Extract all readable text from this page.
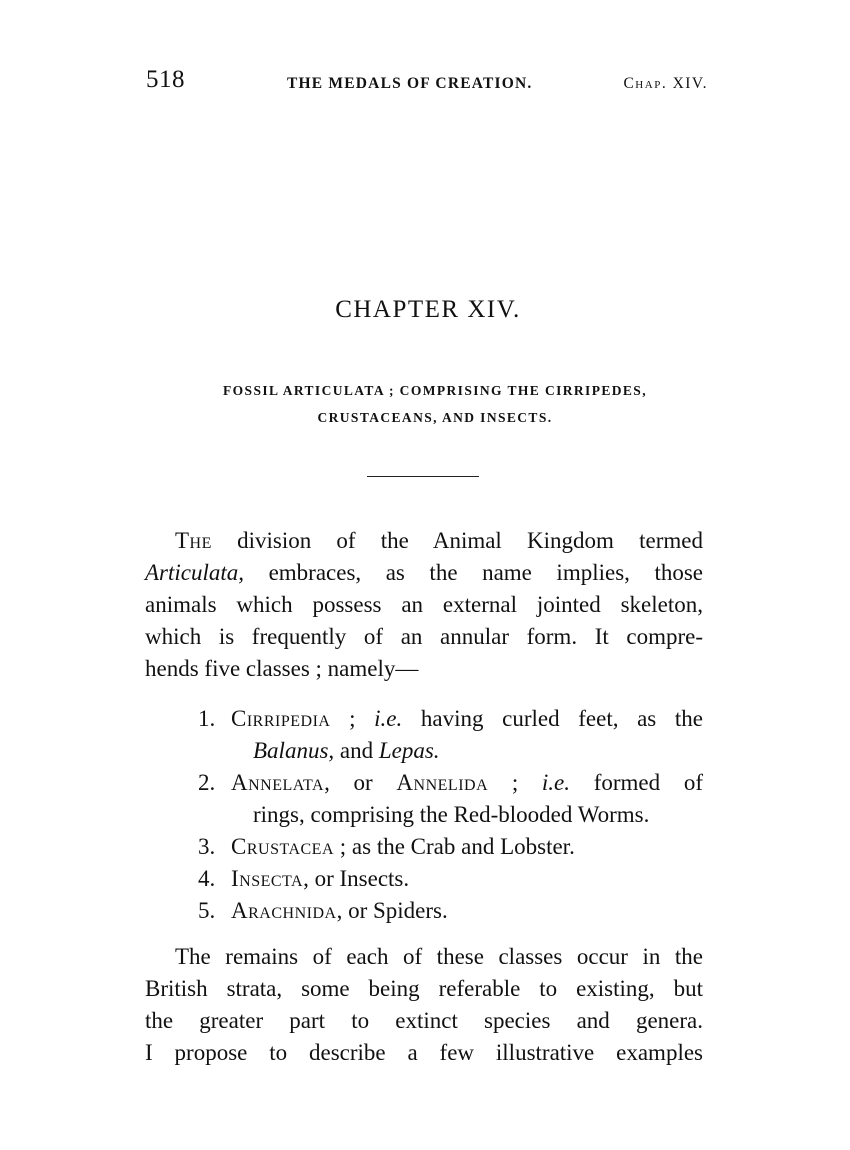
518	THE MEDALS OF CREATION.	Chap. XIV.
CHAPTER XIV.
FOSSIL ARTICULATA ; COMPRISING THE CIRRIPEDES,
CRUSTACEANS, AND INSECTS.
The division of the Animal Kingdom termed
Articulata, embraces, as the name implies, those
animals which possess an external jointed skeleton,
which is frequently of an annular form. It compre-
hends five classes ; namely—
1. Cirripedia ; i.e. having curled feet, as the
Balanus, and Lepas.
2. Annelata, or Annelida ; i.e. formed of
rings, comprising the Red-blooded Worms.
3. Crustacea ; as the Crab and Lobster.
4. Insecta, or Insects.
5. Arachnida, or Spiders.
The remains of each of these classes occur in the
British strata, some being referable to existing, but
the greater part to extinct species and genera.
I propose to describe a few illustrative examples
